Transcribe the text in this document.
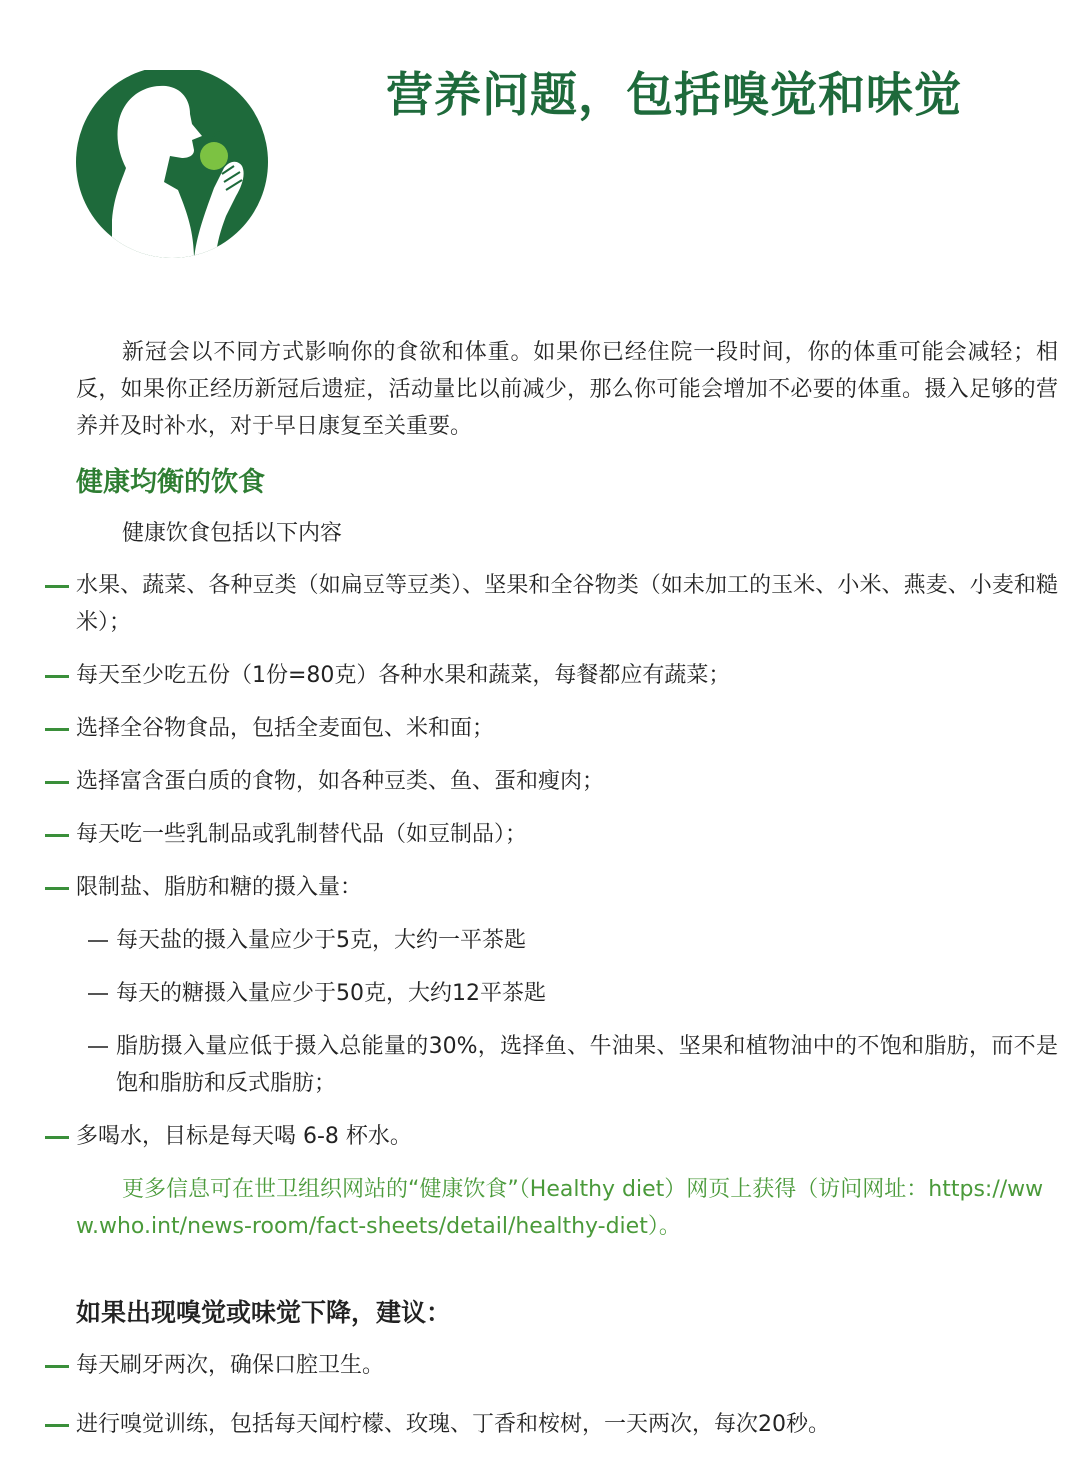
营养问题，包括嗅觉和味觉

新冠会以不同方式影响你的食欲和体重。如果你已经住院一段时间，你的体重可能会减轻；相反，如果你正经历新冠后遗症，活动量比以前减少，那么你可能会增加不必要的体重。摄入足够的营养并及时补水，对于早日康复至关重要。

健康均衡的饮食
健康饮食包括以下内容
水果、蔬菜、各种豆类（如扁豆等豆类）、坚果和全谷物类（如未加工的玉米、小米、燕麦、小麦和糙米）；
每天至少吃五份（1份=80克）各种水果和蔬菜，每餐都应有蔬菜；
选择全谷物食品，包括全麦面包、米和面；
选择富含蛋白质的食物，如各种豆类、鱼、蛋和瘦肉；
每天吃一些乳制品或乳制替代品（如豆制品）；
限制盐、脂肪和糖的摄入量：
每天盐的摄入量应少于5克，大约一平茶匙
每天的糖摄入量应少于50克，大约12平茶匙
脂肪摄入量应低于摄入总能量的30%，选择鱼、牛油果、坚果和植物油中的不饱和脂肪，而不是饱和脂肪和反式脂肪；
多喝水，目标是每天喝 6-8 杯水。

更多信息可在世卫组织网站的“健康饮食”（Healthy diet）网页上获得（访问网址：https://www.who.int/news-room/fact-sheets/detail/healthy-diet）。

如果出现嗅觉或味觉下降，建议：
每天刷牙两次，确保口腔卫生。
进行嗅觉训练，包括每天闻柠檬、玫瑰、丁香和桉树，一天两次，每次20秒。
